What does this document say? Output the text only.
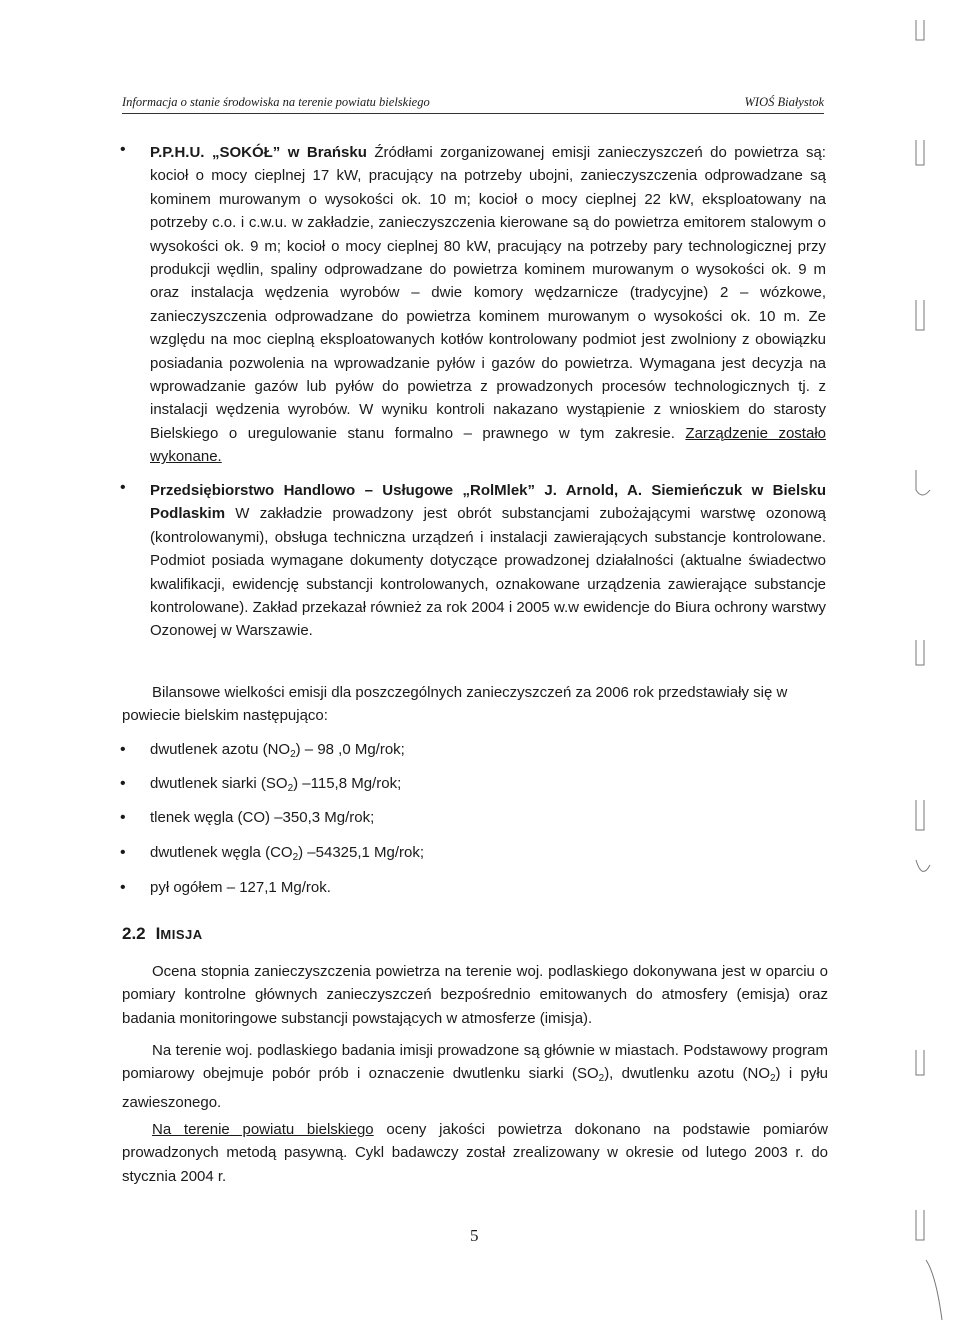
Informacja o stanie środowiska na terenie powiatu bielskiego	WIOŚ Białystok
• P.P.H.U. „SOKÓŁ” w Brańsku Źródłami zorganizowanej emisji zanieczyszczeń do powietrza są: kocioł o mocy cieplnej 17 kW, pracujący na potrzeby ubojni, zanieczyszczenia odprowadzane są kominem murowanym o wysokości ok. 10 m; kocioł o mocy cieplnej 22 kW, eksploatowany na potrzeby c.o. i c.w.u. w zakładzie, zanieczyszczenia kierowane są do powietrza emitorem stalowym o wysokości ok. 9 m; kocioł o mocy cieplnej 80 kW, pracujący na potrzeby pary technologicznej przy produkcji wędlin, spaliny odprowadzane do powietrza kominem murowanym o wysokości ok. 9 m oraz instalacja wędzenia wyrobów – dwie komory wędzarnicze (tradycyjne) 2 – wózkowe, zanieczyszczenia odprowadzane do powietrza kominem murowanym o wysokości ok. 10 m. Ze względu na moc cieplną eksploatowanych kotłów kontrolowany podmiot jest zwolniony z obowiązku posiadania pozwolenia na wprowadzanie pyłów i gazów do powietrza. Wymagana jest decyzja na wprowadzanie gazów lub pyłów do powietrza z prowadzonych procesów technologicznych tj. z instalacji wędzenia wyrobów. W wyniku kontroli nakazano wystąpienie z wnioskiem do starosty Bielskiego o uregulowanie stanu formalno – prawnego w tym zakresie. Zarządzenie zostało wykonane.

• Przedsiębiorstwo Handlowo – Usługowe „RolMlek” J. Arnold, A. Siemieńczuk w Bielsku Podlaskim W zakładzie prowadzony jest obrót substancjami zubożającymi warstwę ozonową (kontrolowanymi), obsługa techniczna urządzeń i instalacji zawierających substancje kontrolowane. Podmiot posiada wymagane dokumenty dotyczące prowadzonej działalności (aktualne świadectwo kwalifikacji, ewidencję substancji kontrolowanych, oznakowane urządzenia zawierające substancje kontrolowane). Zakład przekazał również za rok 2004 i 2005 w.w ewidencje do Biura ochrony warstwy Ozonowej w Warszawie.

Bilansowe wielkości emisji dla poszczególnych zanieczyszczeń za 2006 rok przedstawiały się w powiecie bielskim następująco:

• dwutlenek azotu $(NO_2) - 98$ ,0 Mg/rok;
• dwutlenek siarki $(SO_2)$ –115,8 Mg/rok;
• tlenek węgla (CO) –350,3 Mg/rok;
• dwutlenek węgla $(CO_2)$ –54325,1 Mg/rok;
• pył ogółem – 127,1 Mg/rok.
2.2 IMISJA

Ocena stopnia zanieczyszczenia powietrza na terenie woj. podlaskiego dokonywana jest w oparciu o pomiary kontrolne głównych zanieczyszczeń bezpośrednio emitowanych do atmosfery (emisja) oraz badania monitoringowe substancji powstających w atmosferze (imisja).

Na terenie woj. podlaskiego badania imisji prowadzone są głównie w miastach. Podstawowy program pomiarowy obejmuje pobór prób i oznaczenie dwutlenku siarki $(SO_2)$, dwutlenku azotu $(NO_2)$ i pyłu zawieszonego.

Na terenie powiatu bielskiego oceny jakości powietrza dokonano na podstawie pomiarów prowadzonych metodą pasywną. Cykl badawczy został zrealizowany w okresie od lutego 2003 r. do stycznia 2004 r.

5
